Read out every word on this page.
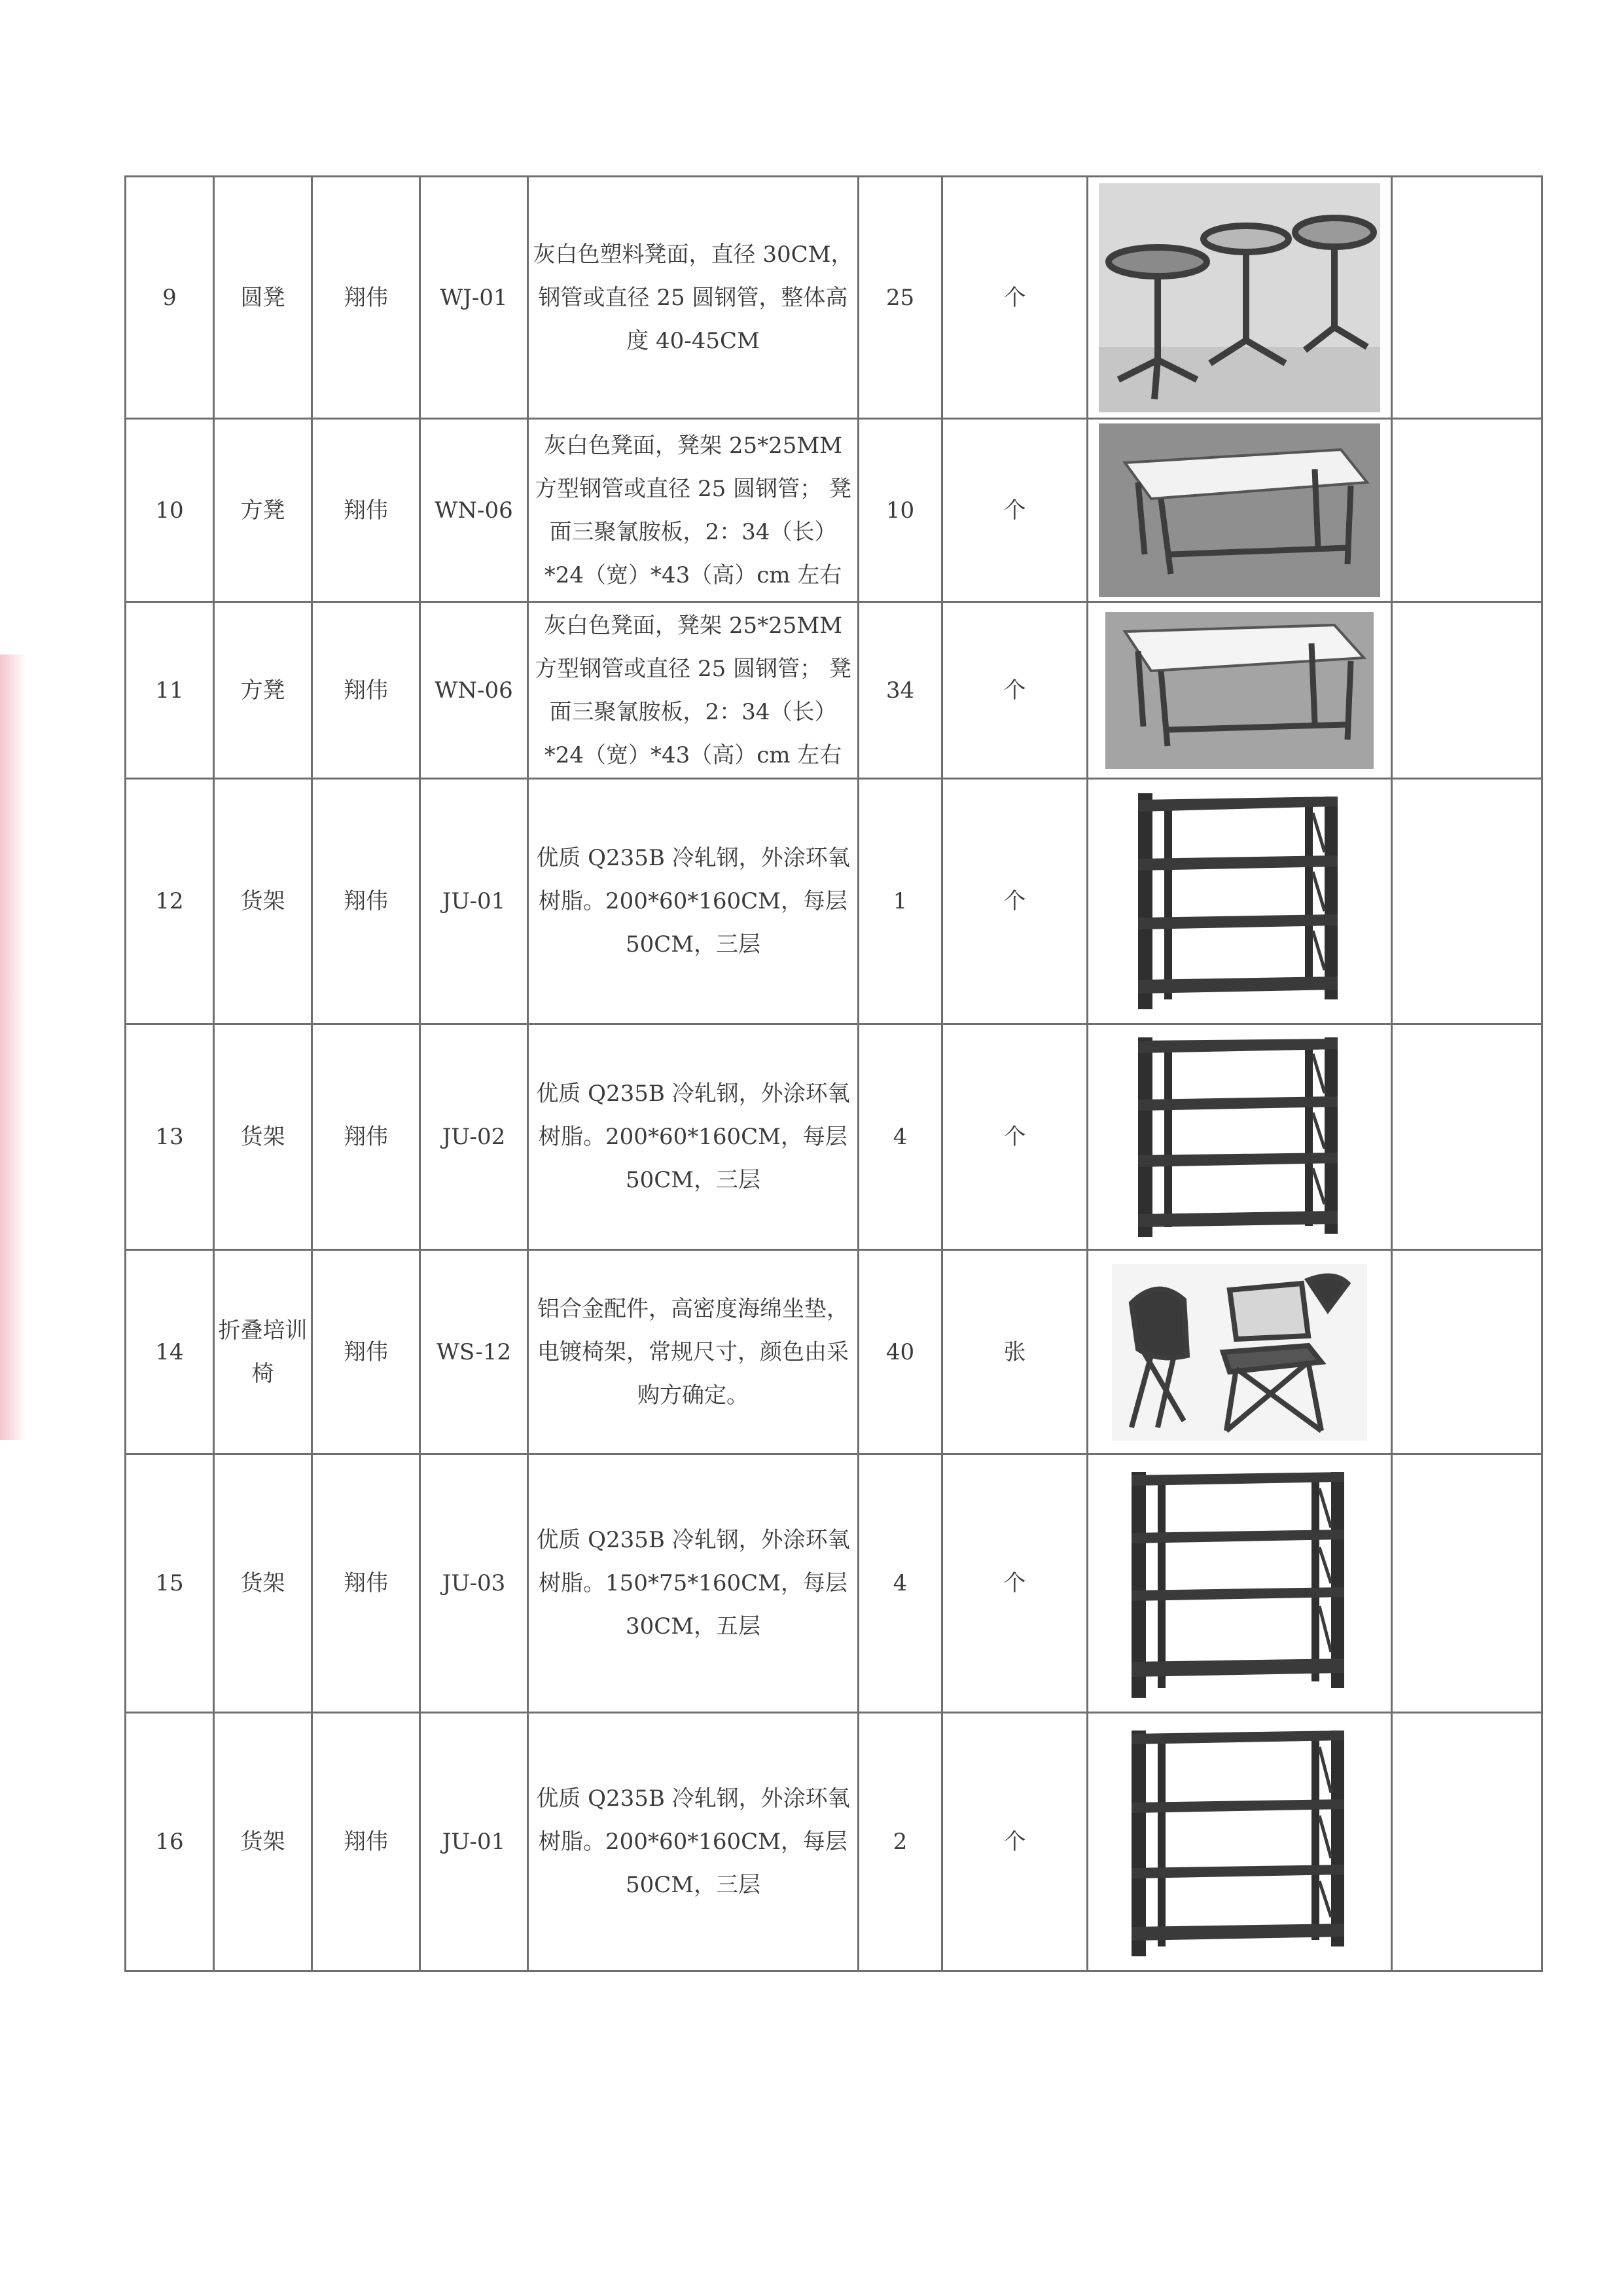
9	圆凳	翔伟	WJ-01	灰白色塑料凳面，直径 30CM，钢管或直径 25 圆钢管，整体高度 40-45CM	25	个	

10	方凳	翔伟	WN-06	灰白色凳面，凳架 25*25MM 方型钢管或直径 25 圆钢管； 凳面三聚氰胺板，2：34（长）*24（宽）*43（高）cm 左右	10	个	

11	方凳	翔伟	WN-06	灰白色凳面，凳架 25*25MM 方型钢管或直径 25 圆钢管； 凳面三聚氰胺板，2：34（长）*24（宽）*43（高）cm 左右	34	个	

12	货架	翔伟	JU-01	优质 Q235B 冷轧钢，外涂环氧树脂。200*60*160CM，每层 50CM，三层	1	个	

13	货架	翔伟	JU-02	优质 Q235B 冷轧钢，外涂环氧树脂。200*60*160CM，每层 50CM，三层	4	个	

14	折叠培训椅	翔伟	WS-12	铝合金配件，高密度海绵坐垫，电镀椅架，常规尺寸，颜色由采购方确定。	40	张	

15	货架	翔伟	JU-03	优质 Q235B 冷轧钢，外涂环氧树脂。150*75*160CM，每层 30CM，五层	4	个	

16	货架	翔伟	JU-01	优质 Q235B 冷轧钢，外涂环氧树脂。200*60*160CM，每层 50CM，三层	2	个	
